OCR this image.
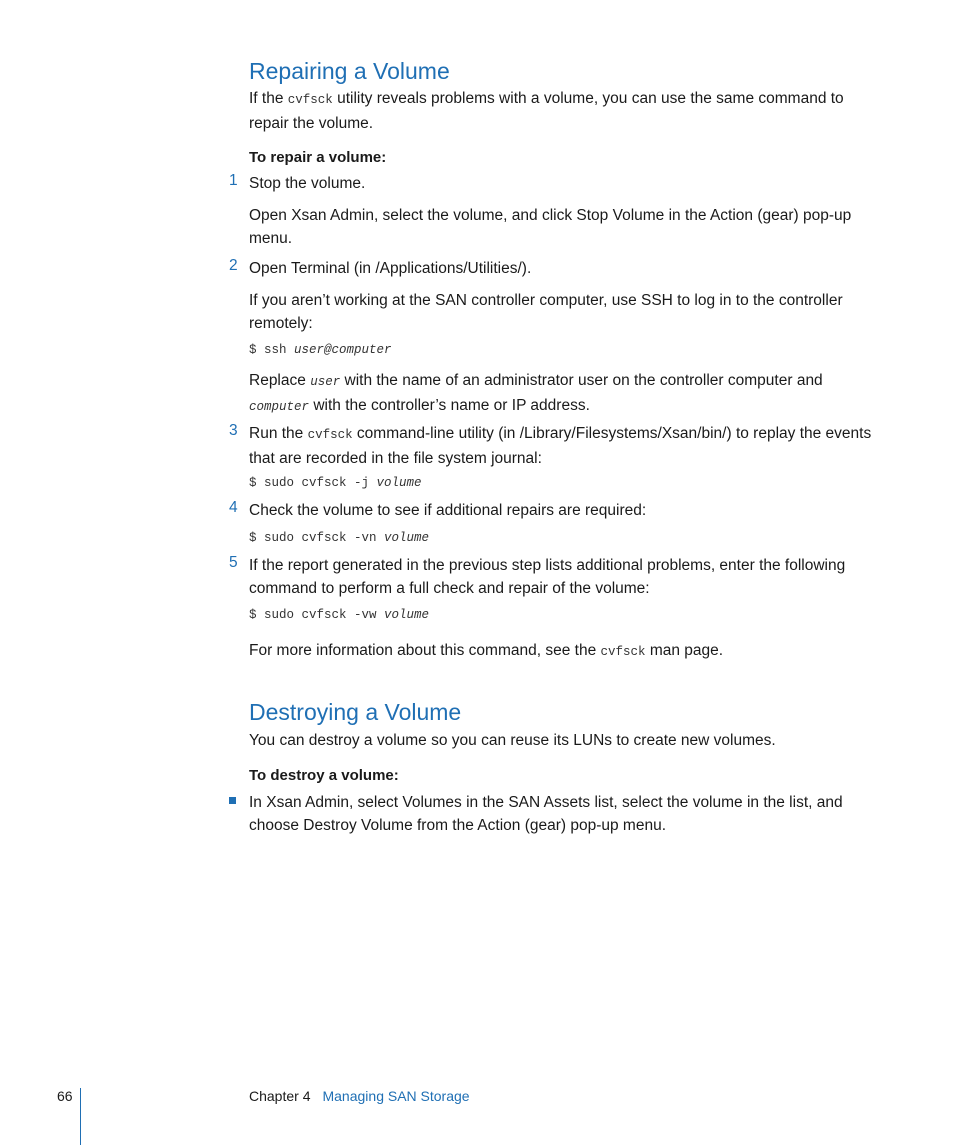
Repairing a Volume
If the cvfsck utility reveals problems with a volume, you can use the same command to repair the volume.
To repair a volume:
1 Stop the volume.
Open Xsan Admin, select the volume, and click Stop Volume in the Action (gear) pop-up menu.
2 Open Terminal (in /Applications/Utilities/).
If you aren’t working at the SAN controller computer, use SSH to log in to the controller remotely:
$ ssh user@computer
Replace user with the name of an administrator user on the controller computer and computer with the controller’s name or IP address.
3 Run the cvfsck command-line utility (in /Library/Filesystems/Xsan/bin/) to replay the events that are recorded in the file system journal:
$ sudo cvfsck -j volume
4 Check the volume to see if additional repairs are required:
$ sudo cvfsck -vn volume
5 If the report generated in the previous step lists additional problems, enter the following command to perform a full check and repair of the volume:
$ sudo cvfsck -vw volume
For more information about this command, see the cvfsck man page.
Destroying a Volume
You can destroy a volume so you can reuse its LUNs to create new volumes.
To destroy a volume:
In Xsan Admin, select Volumes in the SAN Assets list, select the volume in the list, and choose Destroy Volume from the Action (gear) pop-up menu.
66	Chapter 4 Managing SAN Storage
